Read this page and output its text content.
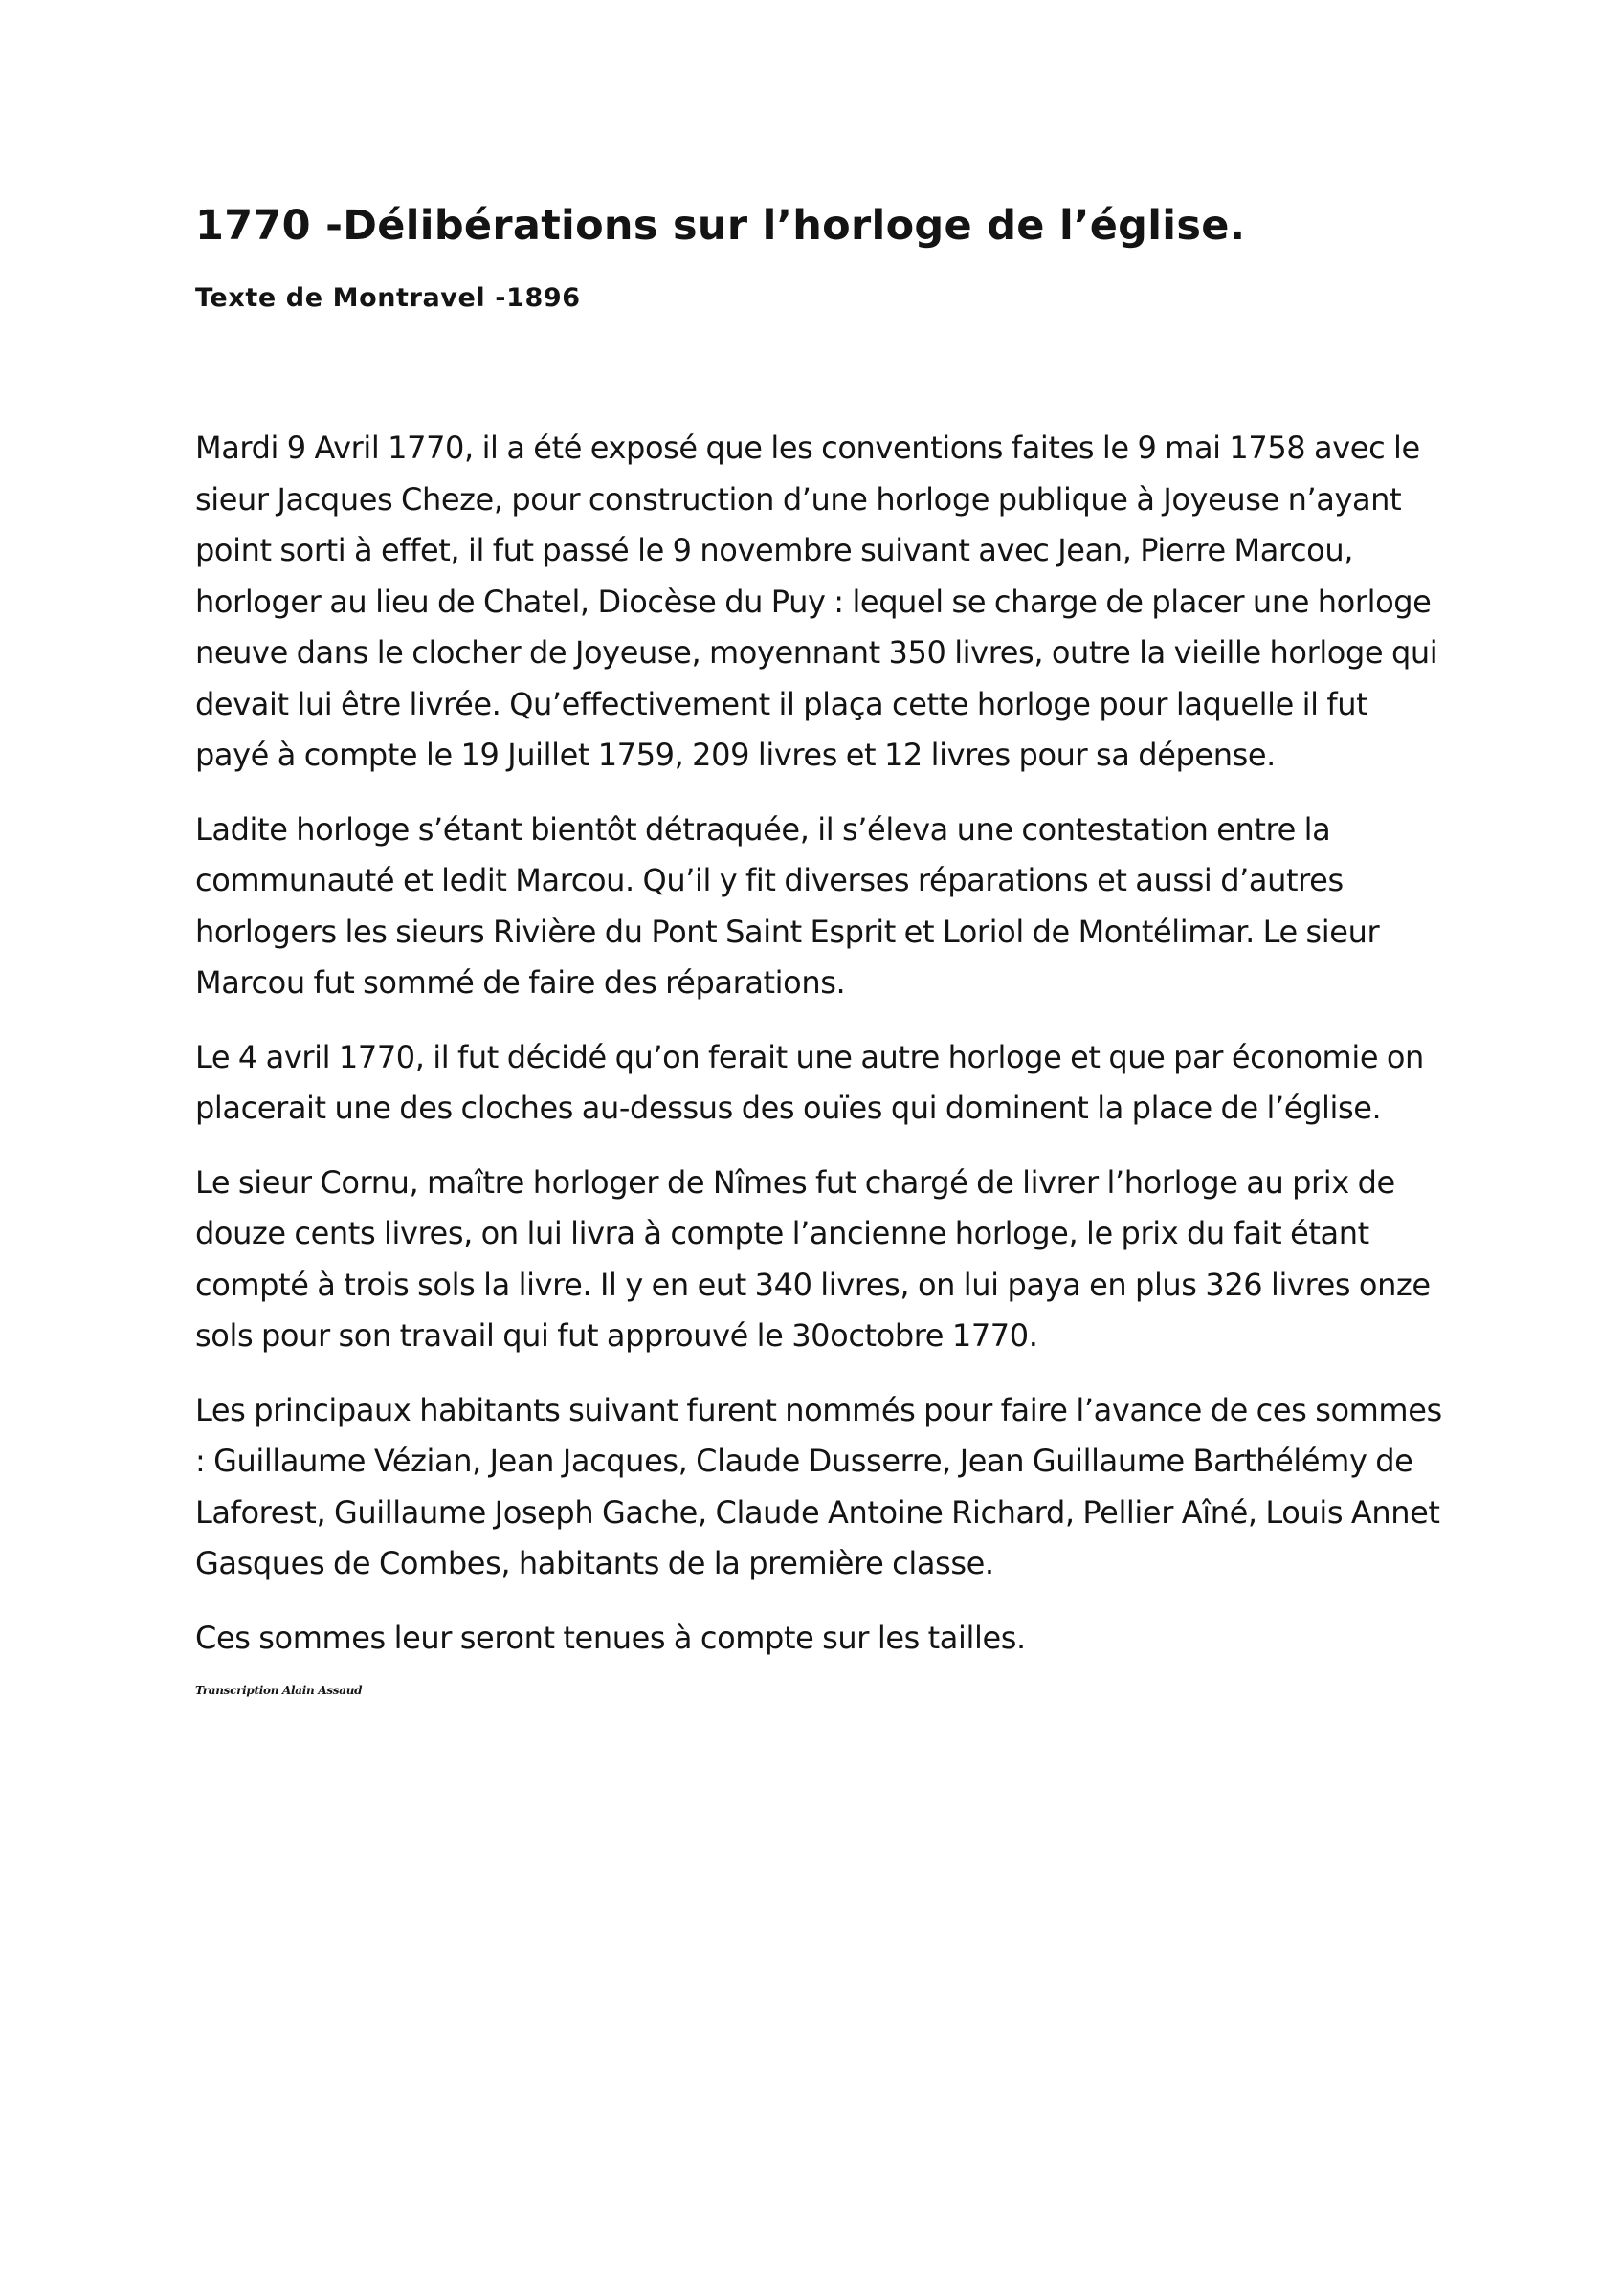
1770 -Délibérations sur l’horloge de l’église.
Texte de Montravel -1896

Mardi 9 Avril 1770, il a été exposé que les conventions faites le 9 mai 1758 avec le sieur Jacques Cheze, pour construction d’une horloge publique à Joyeuse n’ayant point sorti à effet, il fut passé le 9 novembre suivant avec Jean, Pierre Marcou, horloger au lieu de Chatel, Diocèse du Puy : lequel se charge de placer une horloge neuve dans le clocher de Joyeuse, moyennant 350 livres, outre la vieille horloge qui devait lui être livrée. Qu’effectivement il plaça cette horloge pour laquelle il fut payé à compte le 19 Juillet 1759, 209 livres et 12 livres pour sa dépense.

Ladite horloge s’étant bientôt détraquée, il s’éleva une contestation entre la communauté et ledit Marcou. Qu’il y fit diverses réparations et aussi d’autres horlogers les sieurs Rivière du Pont Saint Esprit et Loriol de Montélimar. Le sieur Marcou fut sommé de faire des réparations.

Le 4 avril 1770, il fut décidé qu’on ferait une autre horloge et que par économie on placerait une des cloches au-dessus des ouïes qui dominent la place de l’église.

Le sieur Cornu, maître horloger de Nîmes fut chargé de livrer l’horloge au prix de douze cents livres, on lui livra à compte l’ancienne horloge, le prix du fait étant compté à trois sols la livre. Il y en eut 340 livres, on lui paya en plus 326 livres onze sols pour son travail qui fut approuvé le 30octobre 1770.

Les principaux habitants suivant furent nommés pour faire l’avance de ces sommes : Guillaume Vézian, Jean Jacques, Claude Dusserre, Jean Guillaume Barthélémy de Laforest, Guillaume Joseph Gache, Claude Antoine Richard, Pellier Aîné, Louis Annet Gasques de Combes, habitants de la première classe.

Ces sommes leur seront tenues à compte sur les tailles.

Transcription Alain Assaud
